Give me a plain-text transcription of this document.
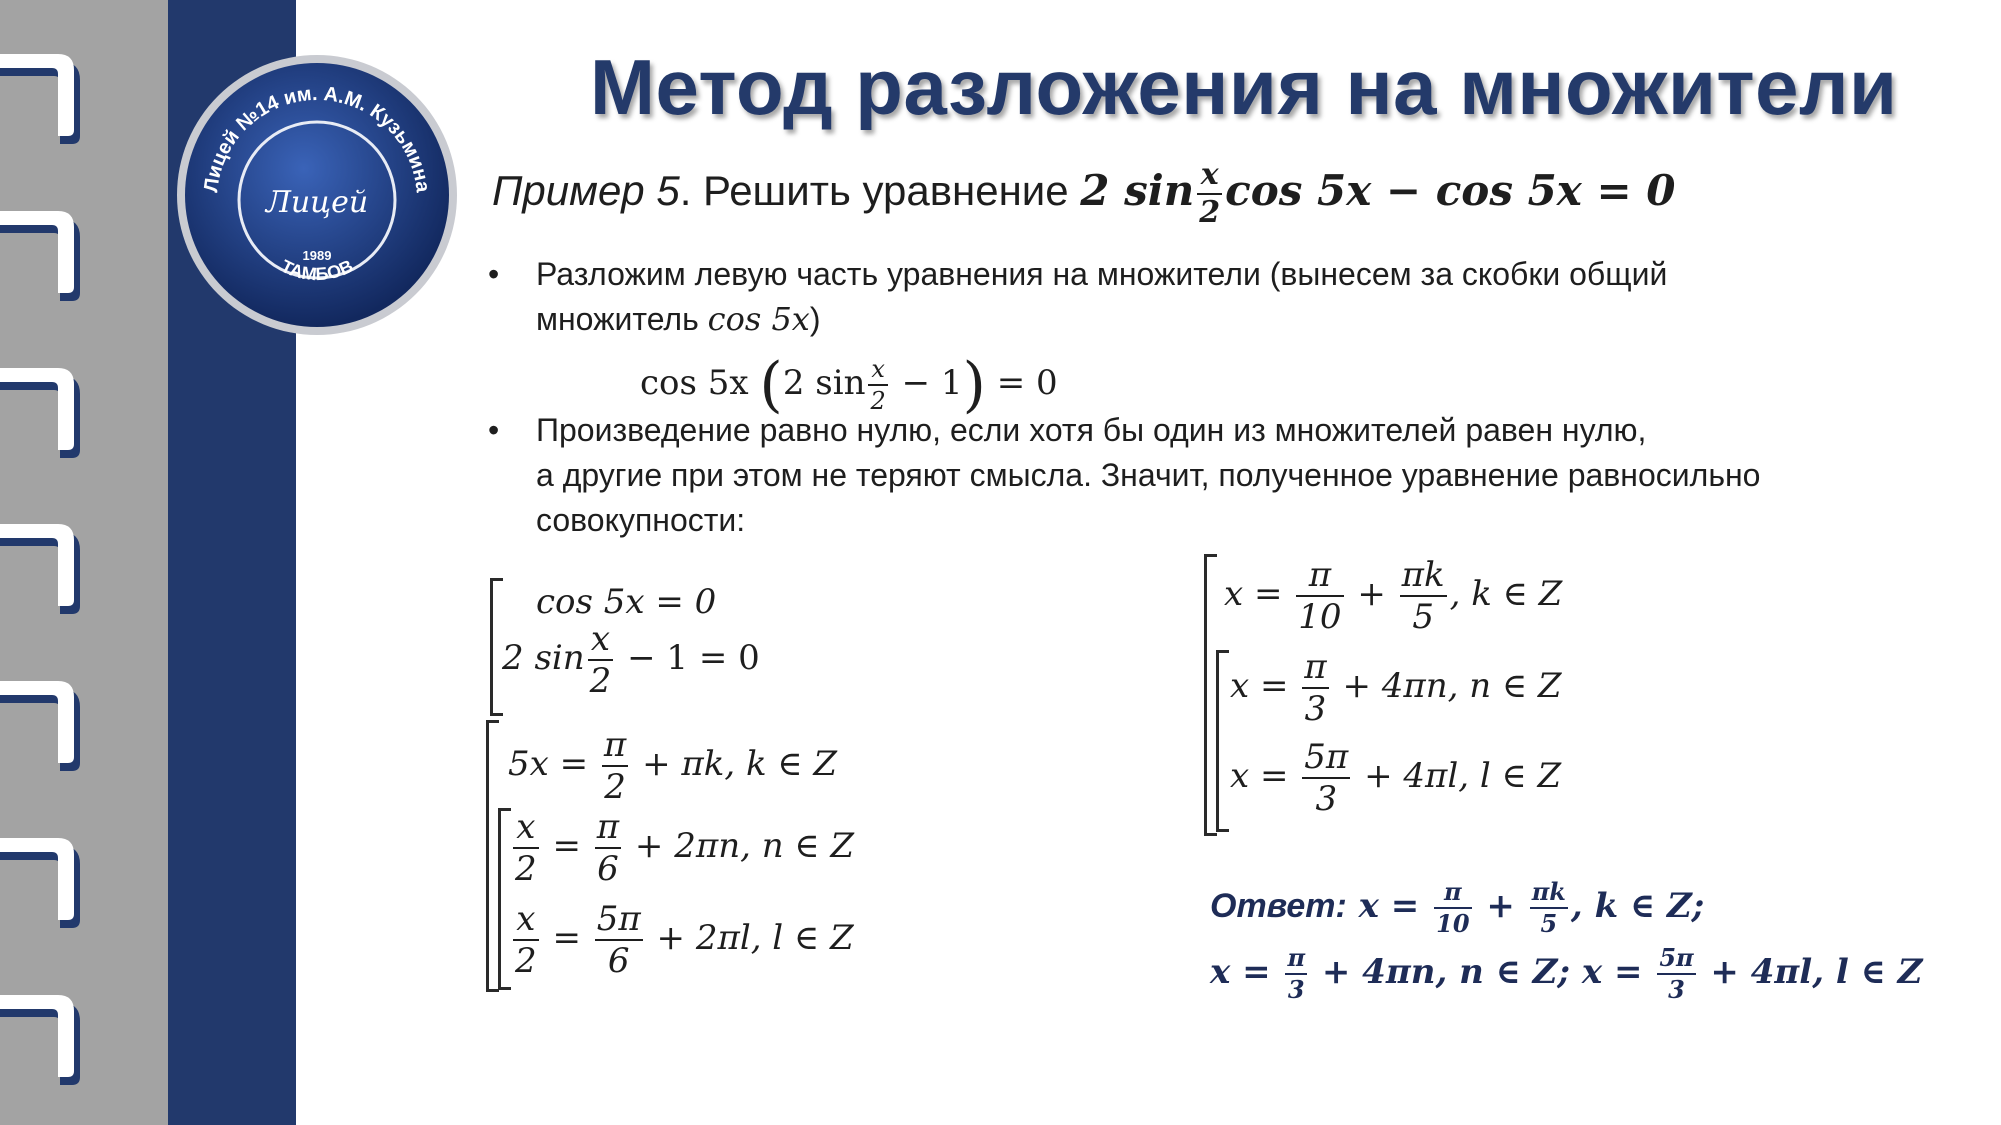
Лицей №14 им. А.М. Кузьмина
Лицей
1989
ТАМБОВ
Метод разложения на множители
Пример 5. Решить уравнение 2 $\sin \frac{x}{2}$ cos 5x − cos 5x = 0
• Разложим левую часть уравнения на множители (вынесем за скобки общий
множитель cos 5x)
cos 5x (2 $\sin \frac{x}{2} - 1) = 0$
• Произведение равно нулю, если хотя бы один из множителей равен нулю,
а другие при этом не теряют смысла. Значит, полученное уравнение равносильно
совокупности:
cos 5x = 0
2 $\sin \frac{x}{2} - 1 = 0$
$5x = \frac{\pi}{2} + \pi k$, k ∈ Z
$\frac{x}{2} = \frac{\pi}{6} + 2\pi n$, n ∈ Z
$\frac{x}{2} = \frac{5\pi}{6} + 2\pi l$, l ∈ Z
$x = \frac{\pi}{10} + \frac{\pi k}{5}$ , k ∈ Z
$x = \frac{\pi}{3} + 4\pi n$, n ∈ Z
$x = \frac{5\pi}{3} + 4\pi l$, l ∈ Z
Ответ: $x = \frac{\pi}{10} + \frac{\pi k}{5}$ , k ∈ Z;
$x = \frac{\pi}{3} + 4\pi n$, n ∈ Z; $x = \frac{5\pi}{3} + 4\pi l$, l ∈ Z
